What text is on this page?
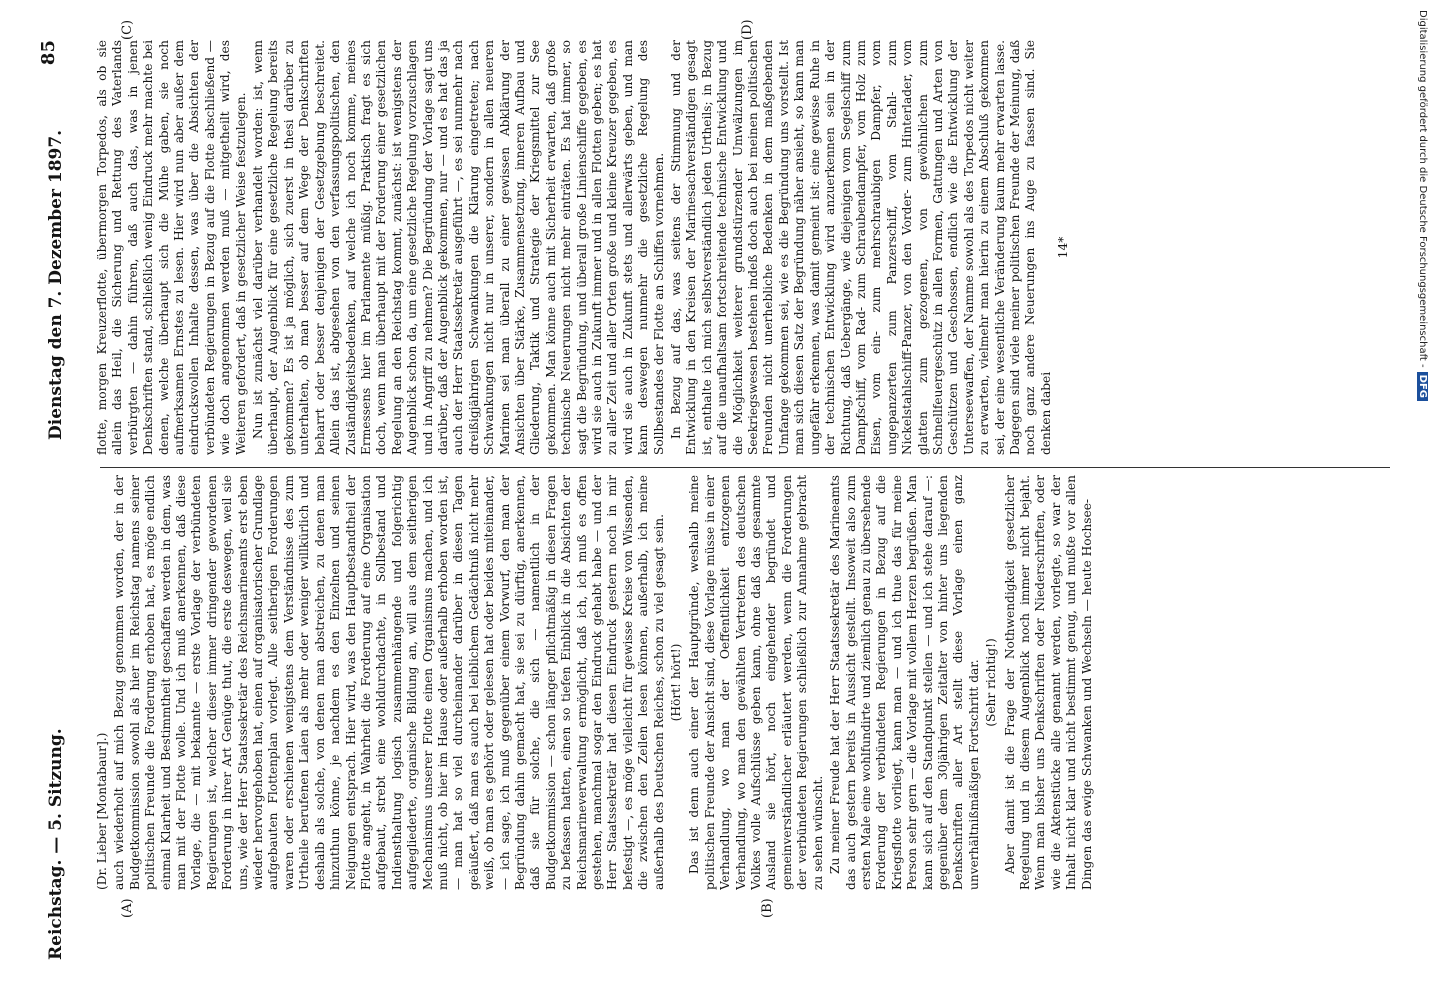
Reichstag. — 5. Sitzung.
Dienstag den 7. Dezember 1897.
85
(A)	(B)
(C)	(D)

(Dr. Lieber [Montabaur].) auch wiederholt auf mich Bezug genommen worden, der in der Budgetkommission sowohl als hier im Reichstag namens seiner politischen Freunde die Forderung erhoben hat, es möge endlich einmal Klarheit und Bestimmtheit geschaffen werden in dem, was man mit der Flotte wolle. Und ich muß anerkennen, daß diese Vorlage, die — mit bekannte — erste Vorlage der verbündeten Regierungen ist, welcher dieser immer dringender gewordenen Forderung in ihrer Art Genüge thut, die erste deswegen, weil sie uns, wie der Herr Staatssekretär des Reichsmarineamts erst eben wieder hervorgehoben hat, einen auf organisatorischer Grundlage aufgebauten Flottenplan vorlegt. Alle seitherigen Forderungen waren oder erschienen wenigstens dem Verständnisse des zum Urtheile berufenen Laien als mehr oder weniger willkürlich und deshalb als solche, von denen man abstreichen, zu denen man hinzuthun könne, je nachdem es den Einzelnen und seinen Neigungen entsprach. Hier wird, was den Hauptbestandtheil der Flotte angeht, in Wahrheit die Forderung auf eine Organisation aufgebaut, strebt eine wohldurchdachte, in Sollbestand und Indiensthaltung logisch zusammenhängende und folgerichtig aufgegliederte, organische Bildung an, will aus dem seitherigen Mechanismus unserer Flotte einen Organismus machen, und ich muß nicht, ob hier im Hause oder außerhalb erhoben worden ist, — man hat so viel durcheinander darüber in diesen Tagen geäußert, daß man es auch bei leiblichem Gedächtniß nicht mehr weiß, ob man es gehört oder gelesen hat oder beides miteinander, — ich sage, ich muß gegenüber einem Vorwurf, den man der Begründung dahin gemacht hat, sie sei zu dürftig, anerkennen, daß sie für solche, die sich — namentlich in der Budgetkommission — schon länger pflichtmäßig in diesen Fragen zu befassen hatten, einen so tiefen Einblick in die Absichten der Reichsmarineverwaltung ermöglicht, daß ich, ich muß es offen gestehen, manchmal sogar den Eindruck gehabt habe — und der Herr Staatssekretär hat diesen Eindruck gestern noch in mir befestigt —, es möge vielleicht für gewisse Kreise von Wissenden, die zwischen den Zeilen lesen können, außerhalb, ich meine außerhalb des Deutschen Reiches, schon zu viel gesagt sein. (Hört! hört!) Das ist denn auch einer der Hauptgründe, weshalb meine politischen Freunde der Ansicht sind, diese Vorlage müsse in einer Verhandlung, wo man der Oeffentlichkeit entzogenen Verhandlung, wo man den gewählten Vertretern des deutschen Volkes volle Aufschlüsse geben kann, ohne daß das gesammte Ausland sie hört, noch eingehender begründet und gemeinverständlicher erläutert werden, wenn die Forderungen der verbündeten Regierungen schließlich zur Annahme gebracht zu sehen wünscht. Zu meiner Freude hat der Herr Staatssekretär des Marineamts das auch gestern bereits in Aussicht gestellt. Insoweit also zum ersten Male eine wohlfundirte und ziemlich genau zu übersehende Forderung der verbündeten Regierungen in Bezug auf die Kriegsflotte vorliegt, kann man — und ich thue das für meine Person sehr gern — die Vorlage mit vollem Herzen begrüßen. Man kann sich auf den Standpunkt stellen — und ich stehe darauf —: gegenüber dem 30jährigen Zeitalter von hinter uns liegenden Denkschriften aller Art stellt diese Vorlage einen ganz unverhältnißmäßigen Fortschritt dar. (Sehr richtig!) Aber damit ist die Frage der Nothwendigkeit gesetzlicher Regelung und in diesem Augenblick noch immer nicht bejaht. Wenn man bisher uns Denkschriften oder Niederschriften, oder wie die Aktenstücke alle genannt werden, vorlegte, so war der Inhalt nicht klar und nicht bestimmt genug, und mußte vor allen Dingen das ewige Schwanken und Wechseln — heute Hochsee-

flotte, morgen Kreuzerflotte, übermorgen Torpedos, als ob sie allein das Heil, die Sicherung und Rettung des Vaterlands verbürgten — dahin führen, daß auch das, was in jenen Denkschriften stand, schließlich wenig Eindruck mehr machte bei denen, welche überhaupt sich die Mühe gaben, sie noch aufmerksamen Ernstes zu lesen. Hier wird nun aber außer dem eindrucksvollen Inhalte dessen, was über die Absichten der verbündeten Regierungen in Bezug auf die Flotte abschließend — wie doch angenommen werden muß — mitgetheilt wird, des Weiteren gefordert, daß in gesetzlicher Weise festzulegen. Nun ist zunächst viel darüber verhandelt worden: ist, wenn überhaupt, der Augenblick für eine gesetzliche Regelung bereits gekommen? Es ist ja möglich, sich zuerst in thesi darüber zu unterhalten, ob man besser auf dem Wege der Denkschriften beharrt oder besser denjenigen der Gesetzgebung beschreitet. Allein das ist, abgesehen von den verfassungspolitischen, den Zuständigkeitsbedenken, auf welche ich noch komme, meines Ermessens hier im Parlamente müßig. Praktisch fragt es sich doch, wenn man überhaupt mit der Forderung einer gesetzlichen Regelung an den Reichstag kommt, zunächst: ist wenigstens der Augenblick schon da, um eine gesetzliche Regelung vorzuschlagen und in Angriff zu nehmen? Die Begründung der Vorlage sagt uns darüber, daß der Augenblick gekommen, nur — und es hat das ja auch der Herr Staatssekretär ausgeführt —, es sei nunmehr nach dreißigjährigen Schwankungen die Klärung eingetreten; nach Schwankungen nicht nur in unserer, sondern in allen neueren Marinen sei man überall zu einer gewissen Abklärung der Ansichten über Stärke, Zusammensetzung, inneren Aufbau und Gliederung, Taktik und Strategie der Kriegsmittel zur See gekommen. Man könne auch mit Sicherheit erwarten, daß große technische Neuerungen nicht mehr einträten. Es hat immer, so sagt die Begründung, und überall große Linienschiffe gegeben, es wird sie auch in Zukunft immer und in allen Flotten geben; es hat zu aller Zeit und aller Orten große und kleine Kreuzer gegeben, es wird sie auch in Zukunft stets und allerwärts geben, und man kann deswegen nunmehr die gesetzliche Regelung des Sollbestandes der Flotte an Schiffen vornehmen. In Bezug auf das, was seitens der Stimmung und der Entwicklung in den Kreisen der Marinesachverständigen gesagt ist, enthalte ich mich selbstverständlich jeden Urtheils; in Bezug auf die unaufhaltsam fortschreitende technische Entwicklung und die Möglichkeit weiterer grundstürzender Umwälzungen im Seekriegswesen bestehen indeß doch auch bei meinen politischen Freunden nicht unerhebliche Bedenken in dem maßgebenden Umfange gekommen sei, wie es die Begründung uns vorstellt. Ist man sich diesen Satz der Begründung näher ansieht, so kann man ungefähr erkennen, was damit gemeint ist: eine gewisse Ruhe in der technischen Entwicklung wird anzuerkennen sein in der Richtung, daß Uebergänge, wie diejenigen vom Segelschiff zum Dampfschiff, vom Rad- zum Schraubendampfer, vom Holz zum Eisen, vom ein- zum mehrschraubigen Dampfer, vom ungepanzerten zum Panzerschiff, vom Stahl- zum Nickelstahlschiff-Panzer, von den Vorder- zum Hinterlader, vom glatten zum gezogenen, von gewöhnlichen zum Schnellfeuergeschütz in allen Formen, Gattungen und Arten von Geschützen und Geschossen, endlich wie die Entwicklung der Unterseewaffen, der Namme sowohl als des Torpedos nicht weiter zu erwarten, vielmehr man hierin zu einem Abschluß gekommen sei, der eine wesentliche Veränderung kaum mehr erwarten lasse. Dagegen sind viele meiner politischen Freunde der Meinung, daß noch ganz andere Neuerungen ins Auge zu fassen sind. Sie denken dabei

14*	Digitalisierung gefördert durch die Deutsche Forschungsgemeinschaft -DFG
